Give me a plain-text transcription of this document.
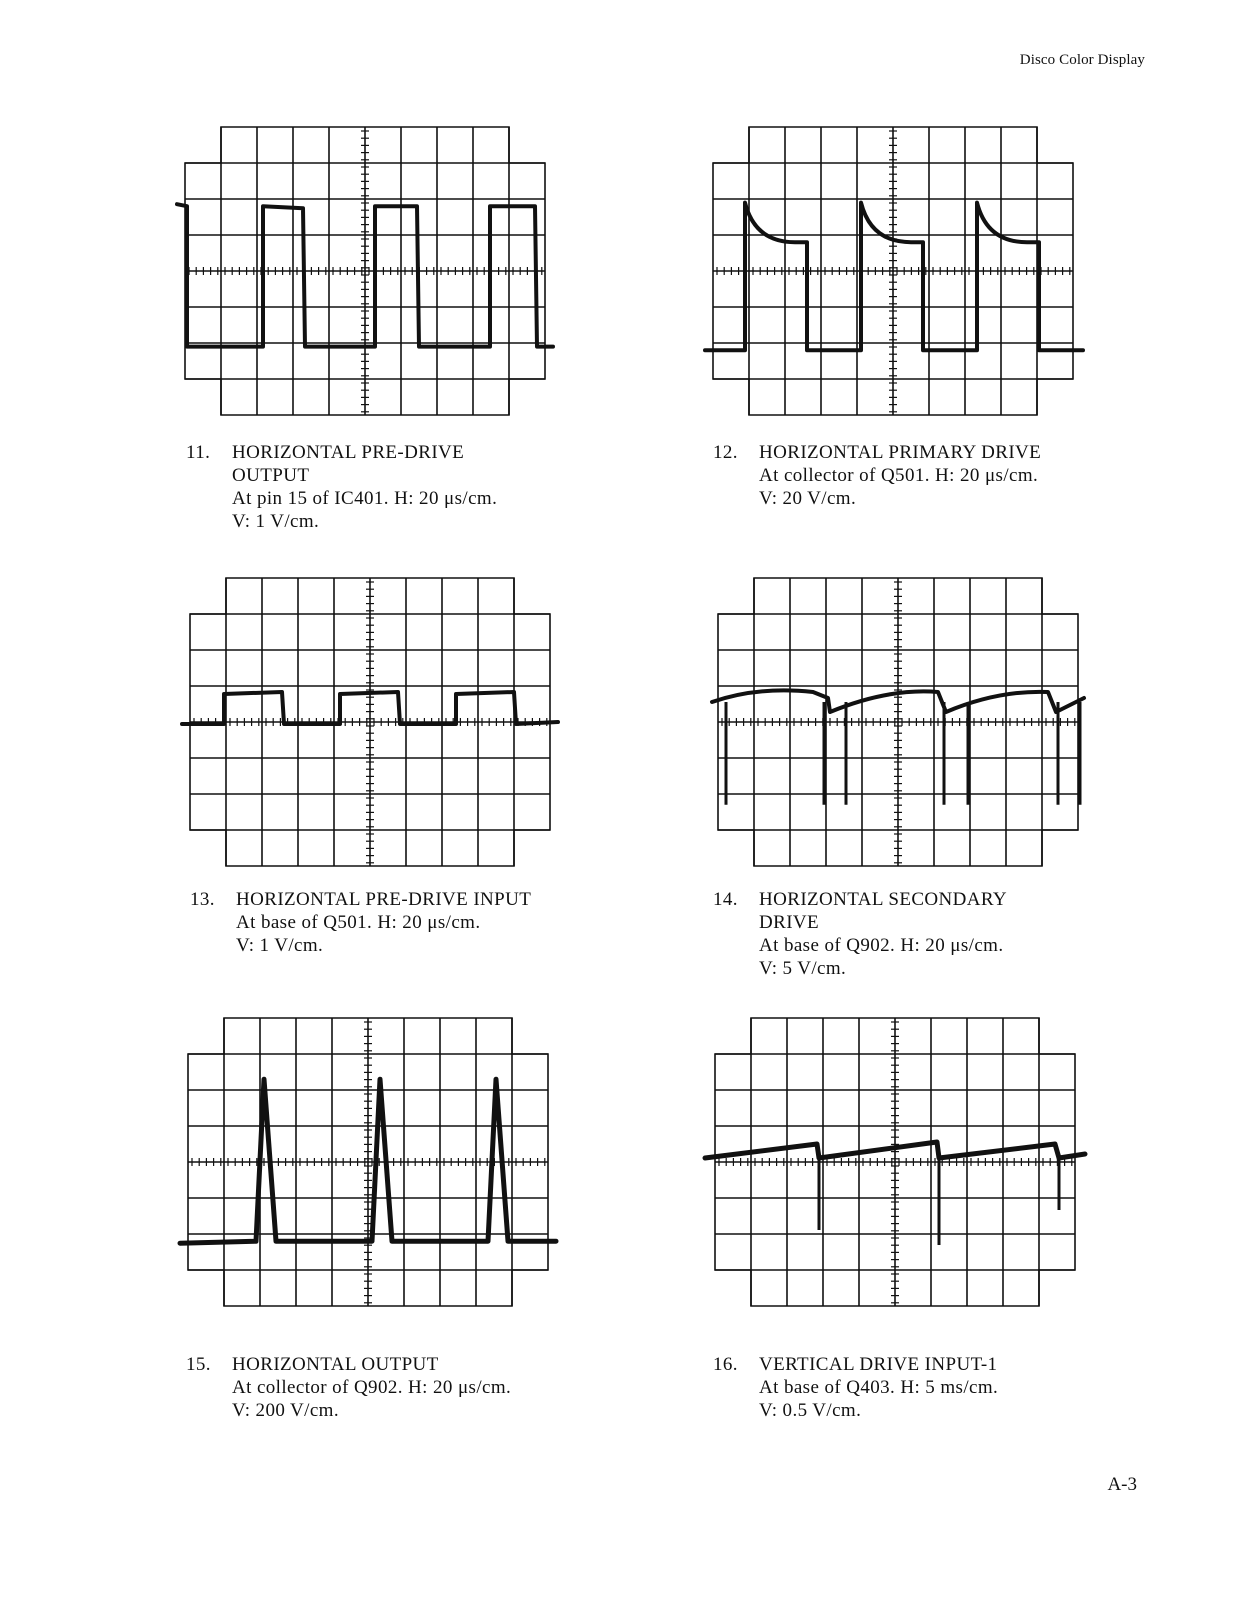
Disco Color Display
11. HORIZONTAL PRE-DRIVE
OUTPUT
At pin 15 of IC401. H: 20 μs/cm.
V: 1 V/cm.
12. HORIZONTAL PRIMARY DRIVE
At collector of Q501. H: 20 μs/cm.
V: 20 V/cm.
13. HORIZONTAL PRE-DRIVE INPUT
At base of Q501. H: 20 μs/cm.
V: 1 V/cm.
14. HORIZONTAL SECONDARY
DRIVE
At base of Q902. H: 20 μs/cm.
V: 5 V/cm.
15. HORIZONTAL OUTPUT
At collector of Q902. H: 20 μs/cm.
V: 200 V/cm.
16. VERTICAL DRIVE INPUT-1
At base of Q403. H: 5 ms/cm.
V: 0.5 V/cm.
A-3
